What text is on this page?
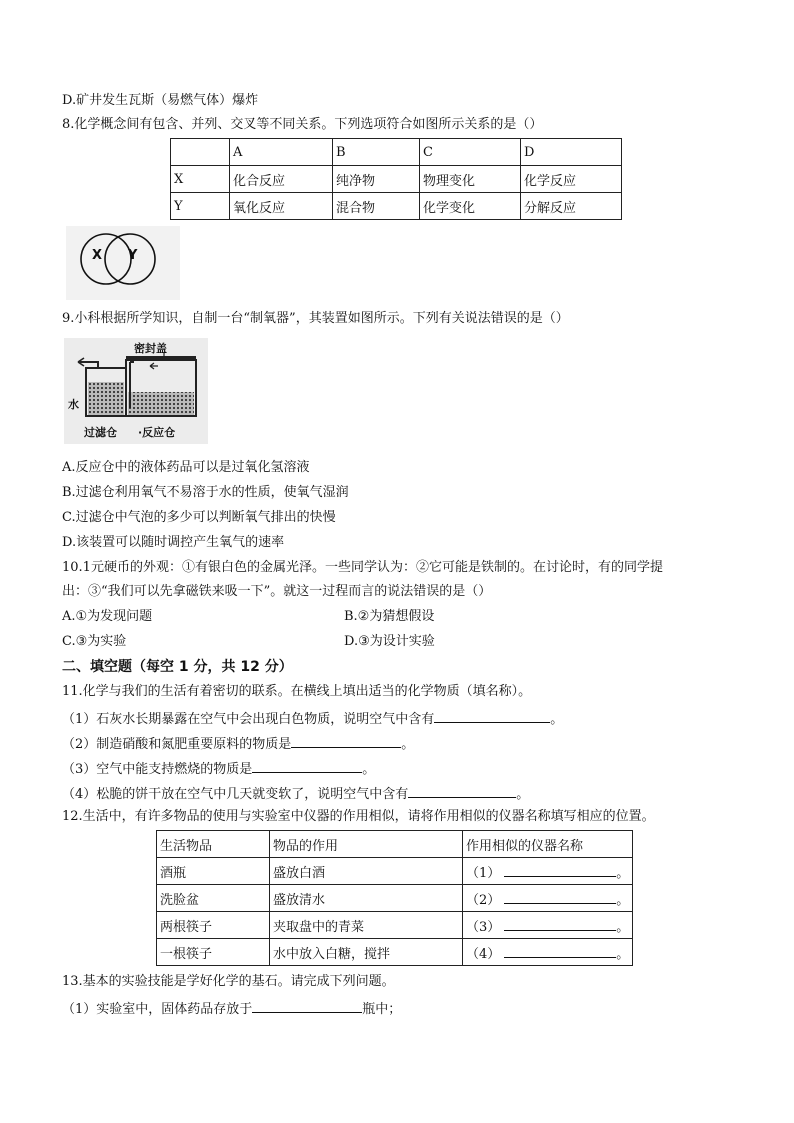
D.矿井发生瓦斯（易燃气体）爆炸
8.化学概念间有包含、并列、交叉等不同关系。下列选项符合如图所示关系的是（）
	A	B	C	D
X	化合反应	纯净物	物理变化	化学反应
Y	氧化反应	混合物	化学变化	分解反应
X Y
9.小科根据所学知识，自制一台“制氧器”，其装置如图所示。下列有关说法错误的是（）
密封盖
水
过滤仓 ·反应仓
A.反应仓中的液体药品可以是过氧化氢溶液
B.过滤仓利用氧气不易溶于水的性质，使氧气湿润
C.过滤仓中气泡的多少可以判断氧气排出的快慢
D.该装置可以随时调控产生氧气的速率
10.1元硬币的外观：①有银白色的金属光泽。一些同学认为：②它可能是铁制的。在讨论时，有的同学提
出：③“我们可以先拿磁铁来吸一下”。就这一过程而言的说法错误的是（）
A.①为发现问题	B.②为猜想假设
C.③为实验	D.③为设计实验
二、填空题（每空 1 分，共 12 分）
11.化学与我们的生活有着密切的联系。在横线上填出适当的化学物质（填名称）。
（1）石灰水长期暴露在空气中会出现白色物质，说明空气中含有	。
（2）制造硝酸和氮肥重要原料的物质是	。
（3）空气中能支持燃烧的物质是	。
（4）松脆的饼干放在空气中几天就变软了，说明空气中含有	。
12.生活中，有许多物品的使用与实验室中仪器的作用相似，请将作用相似的仪器名称填写相应的位置。
生活物品	物品的作用	作用相似的仪器名称
酒瓶	盛放白酒	（1） 。
洗脸盆	盛放清水	（2） 。
两根筷子	夹取盘中的青菜	（3） 。
一根筷子	水中放入白糖，搅拌	（4） 。
13.基本的实验技能是学好化学的基石。请完成下列问题。
（1）实验室中，固体药品存放于	瓶中；
